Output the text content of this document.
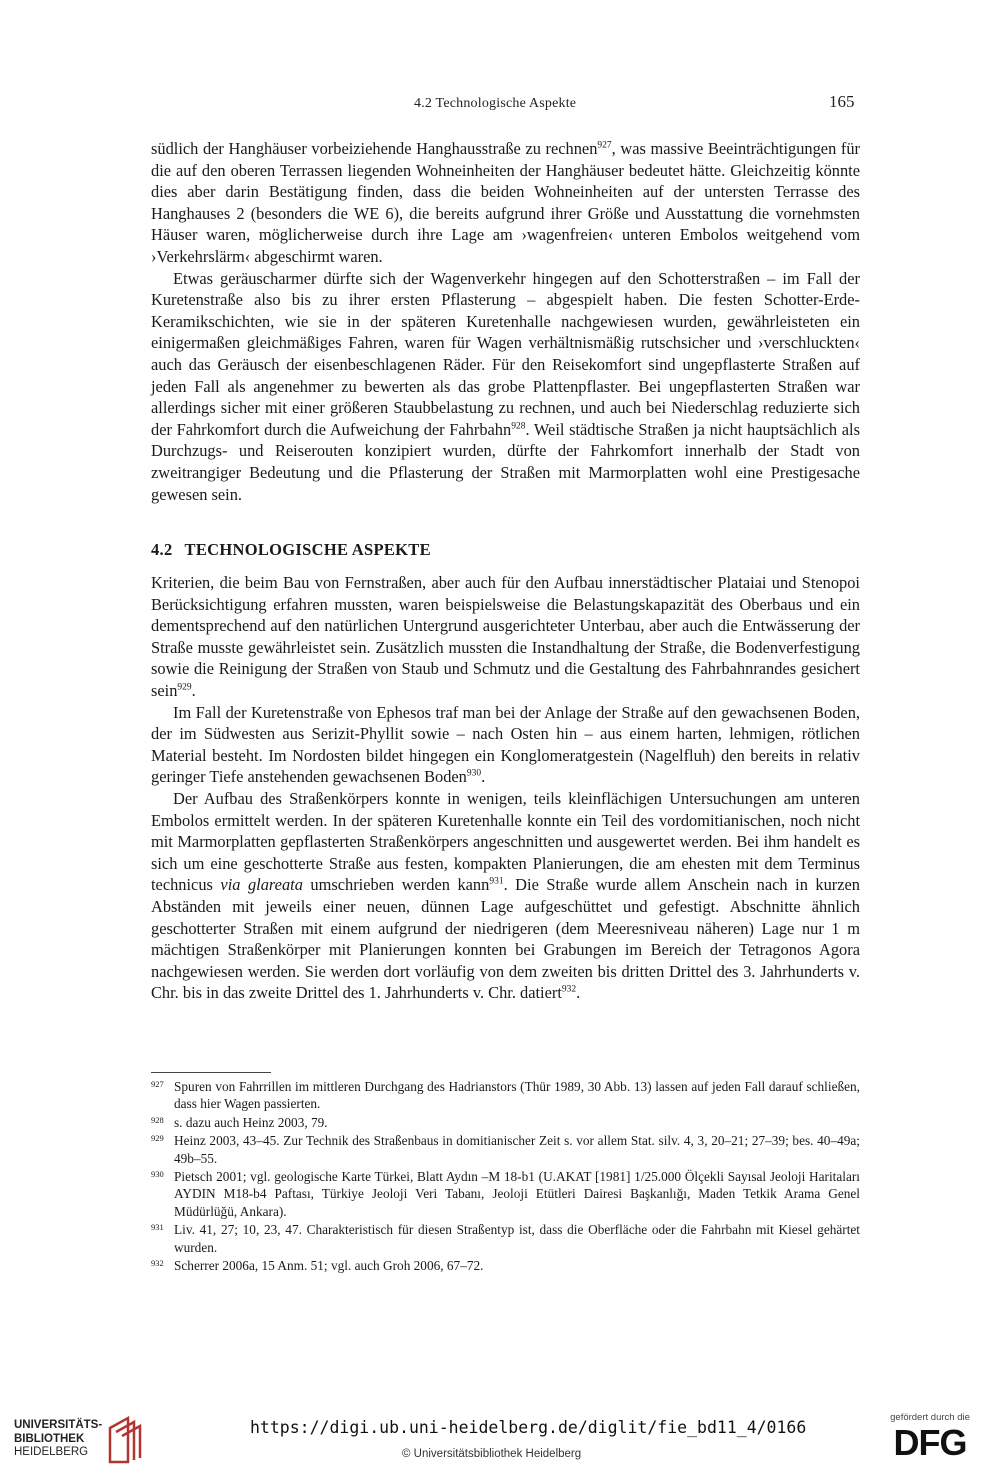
4.2 Technologische Aspekte	165

südlich der Hanghäuser vorbeiziehende Hanghausstraße zu rechnen$^{927}$, was massive Beeinträchtigungen für die auf den oberen Terrassen liegenden Wohneinheiten der Hanghäuser bedeutet hätte. Gleichzeitig könnte dies aber darin Bestätigung finden, dass die beiden Wohneinheiten auf der untersten Terrasse des Hanghauses 2 (besonders die WE 6), die bereits aufgrund ihrer Größe und Ausstattung die vornehmsten Häuser waren, möglicherweise durch ihre Lage am ›wagenfreien‹ unteren Embolos weitgehend vom ›Verkehrslärm‹ abgeschirmt waren.

Etwas geräuscharmer dürfte sich der Wagenverkehr hingegen auf den Schotterstraßen – im Fall der Kuretenstraße also bis zu ihrer ersten Pflasterung – abgespielt haben. Die festen Schotter-Erde-Keramikschichten, wie sie in der späteren Kuretenhalle nachgewiesen wurden, gewährleisteten ein einigermaßen gleichmäßiges Fahren, waren für Wagen verhältnismäßig rutschsicher und ›verschluckten‹ auch das Geräusch der eisenbeschlagenen Räder. Für den Reisekomfort sind ungepflasterte Straßen auf jeden Fall als angenehmer zu bewerten als das grobe Plattenpflaster. Bei ungepflasterten Straßen war allerdings sicher mit einer größeren Staubbelastung zu rechnen, und auch bei Niederschlag reduzierte sich der Fahrkomfort durch die Aufweichung der Fahrbahn$^{928}$. Weil städtische Straßen ja nicht hauptsächlich als Durchzugs- und Reiserouten konzipiert wurden, dürfte der Fahrkomfort innerhalb der Stadt von zweitrangiger Bedeutung und die Pflasterung der Straßen mit Marmorplatten wohl eine Prestigesache gewesen sein.

4.2 TECHNOLOGISCHE ASPEKTE

Kriterien, die beim Bau von Fernstraßen, aber auch für den Aufbau innerstädtischer Plataiai und Stenopoi Berücksichtigung erfahren mussten, waren beispielsweise die Belastungskapazität des Oberbaus und ein dementsprechend auf den natürlichen Untergrund ausgerichteter Unterbau, aber auch die Entwässerung der Straße musste gewährleistet sein. Zusätzlich mussten die Instandhaltung der Straße, die Bodenverfestigung sowie die Reinigung der Straßen von Staub und Schmutz und die Gestaltung des Fahrbahnrandes gesichert sein$^{929}$.

Im Fall der Kuretenstraße von Ephesos traf man bei der Anlage der Straße auf den gewachsenen Boden, der im Südwesten aus Serizit-Phyllit sowie – nach Osten hin – aus einem harten, lehmigen, rötlichen Material besteht. Im Nordosten bildet hingegen ein Konglomeratgestein (Nagelfluh) den bereits in relativ geringer Tiefe anstehenden gewachsenen Boden$^{930}$.

Der Aufbau des Straßenkörpers konnte in wenigen, teils kleinflächigen Untersuchungen am unteren Embolos ermittelt werden. In der späteren Kuretenhalle konnte ein Teil des vordomitianischen, noch nicht mit Marmorplatten gepflasterten Straßenkörpers angeschnitten und ausgewertet werden. Bei ihm handelt es sich um eine geschotterte Straße aus festen, kompakten Planierungen, die am ehesten mit dem Terminus technicus via glareata umschrieben werden kann$^{931}$. Die Straße wurde allem Anschein nach in kurzen Abständen mit jeweils einer neuen, dünnen Lage aufgeschüttet und gefestigt. Abschnitte ähnlich geschotterter Straßen mit einem aufgrund der niedrigeren (dem Meeresniveau näheren) Lage nur 1 m mächtigen Straßenkörper mit Planierungen konnten bei Grabungen im Bereich der Tetragonos Agora nachgewiesen werden. Sie werden dort vorläufig von dem zweiten bis dritten Drittel des 3. Jahrhunderts v. Chr. bis in das zweite Drittel des 1. Jahrhunderts v. Chr. datiert$^{932}$.

927 Spuren von Fahrrillen im mittleren Durchgang des Hadrianstors (Thür 1989, 30 Abb. 13) lassen auf jeden Fall darauf schließen, dass hier Wagen passierten.
928 s. dazu auch Heinz 2003, 79.
929 Heinz 2003, 43–45. Zur Technik des Straßenbaus in domitianischer Zeit s. vor allem Stat. silv. 4, 3, 20–21; 27–39; bes. 40–49a; 49b–55.
930 Pietsch 2001; vgl. geologische Karte Türkei, Blatt Aydın –M 18-b1 (U.AKAT [1981] 1/25.000 Ölçekli Sayısal Jeoloji Haritaları AYDIN M18-b4 Paftası, Türkiye Jeoloji Veri Tabanı, Jeoloji Etütleri Dairesi Başkanlığı, Maden Tetkik Arama Genel Müdürlüğü, Ankara).
931 Liv. 41, 27; 10, 23, 47. Charakteristisch für diesen Straßentyp ist, dass die Oberfläche oder die Fahrbahn mit Kiesel gehärtet wurden.
932 Scherrer 2006a, 15 Anm. 51; vgl. auch Groh 2006, 67–72.
UNIVERSITÄTS-
BIBLIOTHEK
HEIDELBERG
https://digi.ub.uni-heidelberg.de/diglit/fie_bd11_4/0166
© Universitätsbibliothek Heidelberg
gefördert durch die
DFG
